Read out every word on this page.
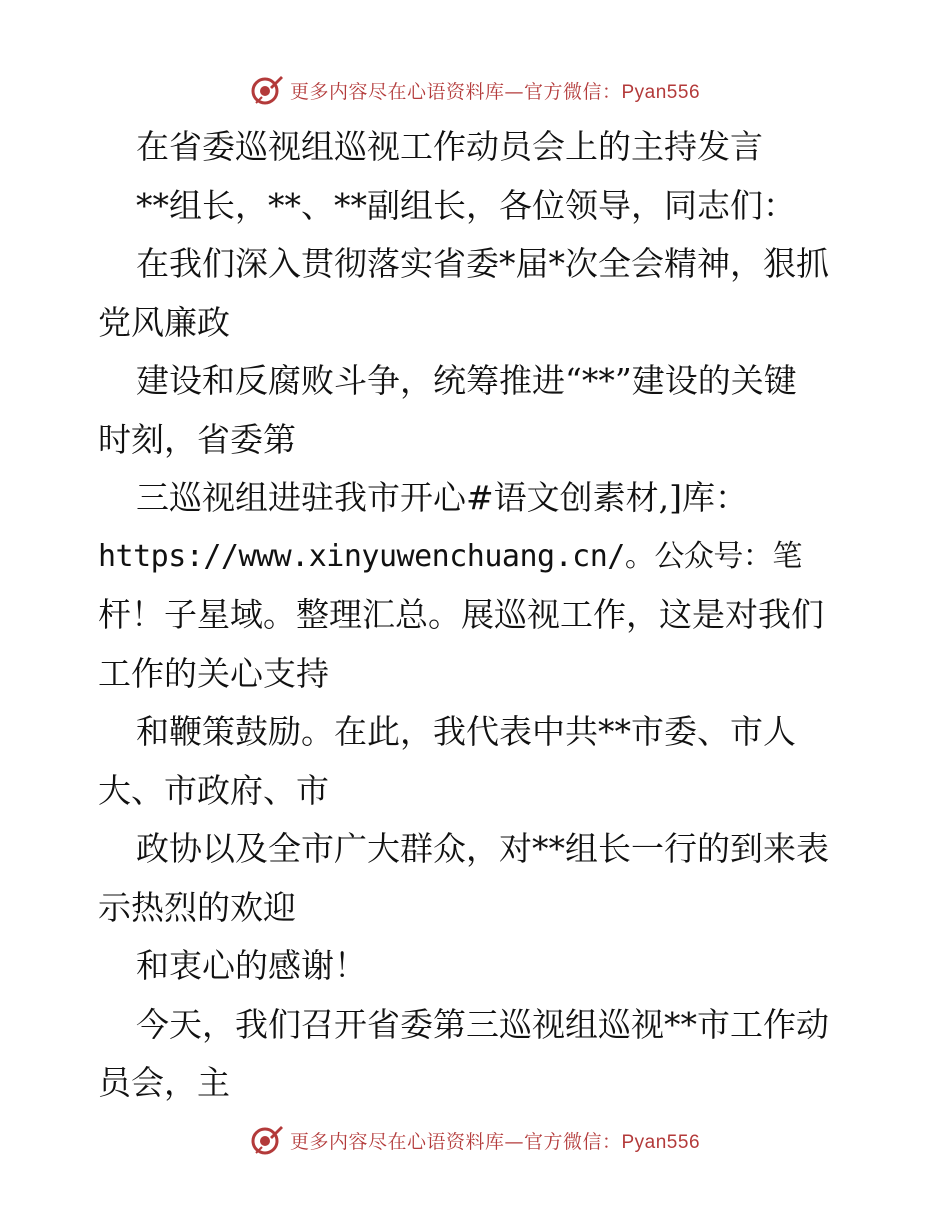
更多内容尽在心语资料库—官方微信：Pyan556
在省委巡视组巡视工作动员会上的主持发言
**组长，**、**副组长，各位领导，同志们：
在我们深入贯彻落实省委*届*次全会精神，狠抓
党风廉政
建设和反腐败斗争，统筹推进“**”建设的关键
时刻，省委第
三巡视组进驻我市开心#语文创素材,]库：
https://www.xinyuwenchuang.cn/。公众号：笔
杆！子星域。整理汇总。展巡视工作，这是对我们
工作的关心支持
和鞭策鼓励。在此，我代表中共**市委、市人
大、市政府、市
政协以及全市广大群众，对**组长一行的到来表
示热烈的欢迎
和衷心的感谢！
今天，我们召开省委第三巡视组巡视**市工作动
员会，主
更多内容尽在心语资料库—官方微信：Pyan556
